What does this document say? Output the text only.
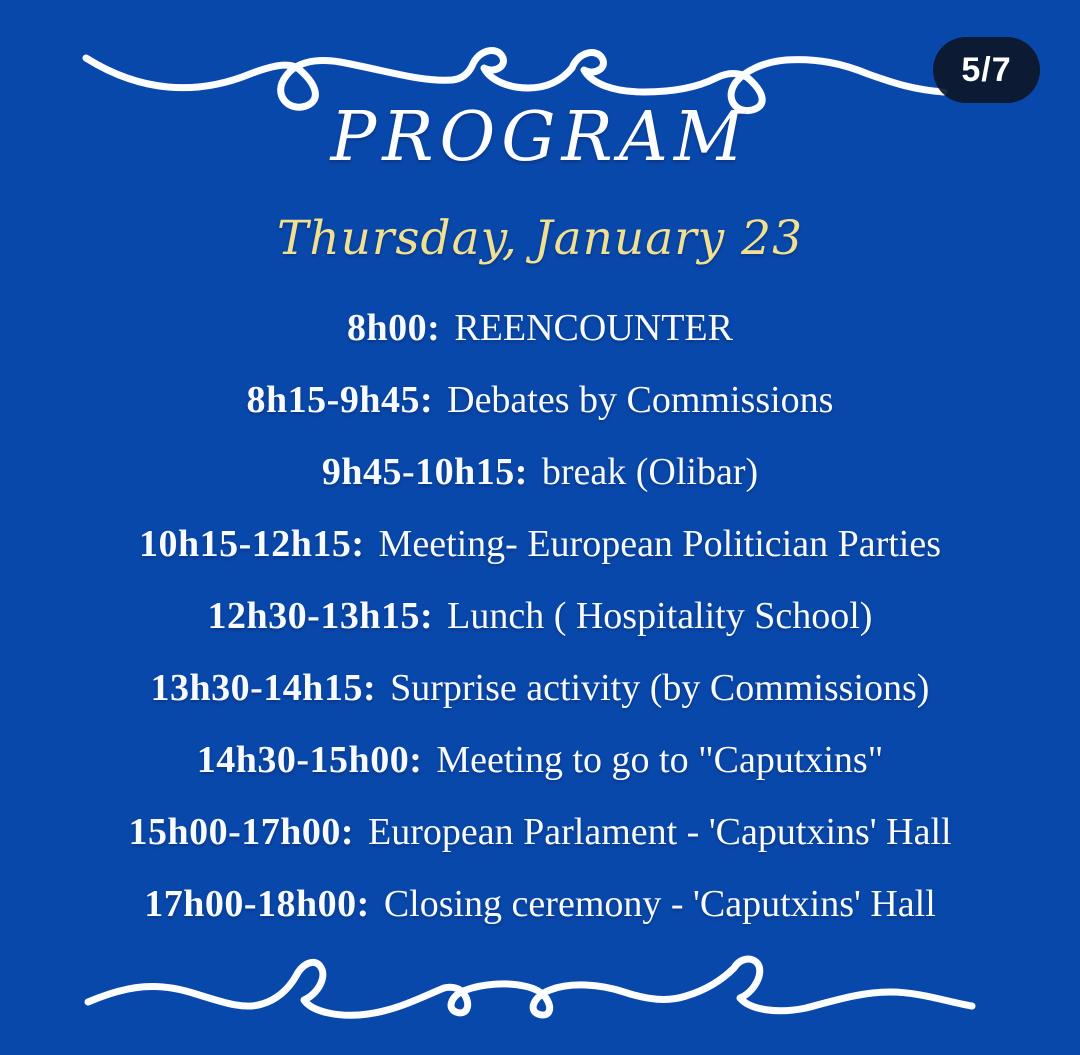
5/7
PROGRAM
Thursday, January 23
8h00: REENCOUNTER
8h15-9h45: Debates by Commissions
9h45-10h15: break (Olibar)
10h15-12h15: Meeting- European Politician Parties
12h30-13h15: Lunch ( Hospitality School)
13h30-14h15: Surprise activity (by Commissions)
14h30-15h00: Meeting to go to "Caputxins"
15h00-17h00: European Parlament - 'Caputxins' Hall
17h00-18h00: Closing ceremony - 'Caputxins' Hall
